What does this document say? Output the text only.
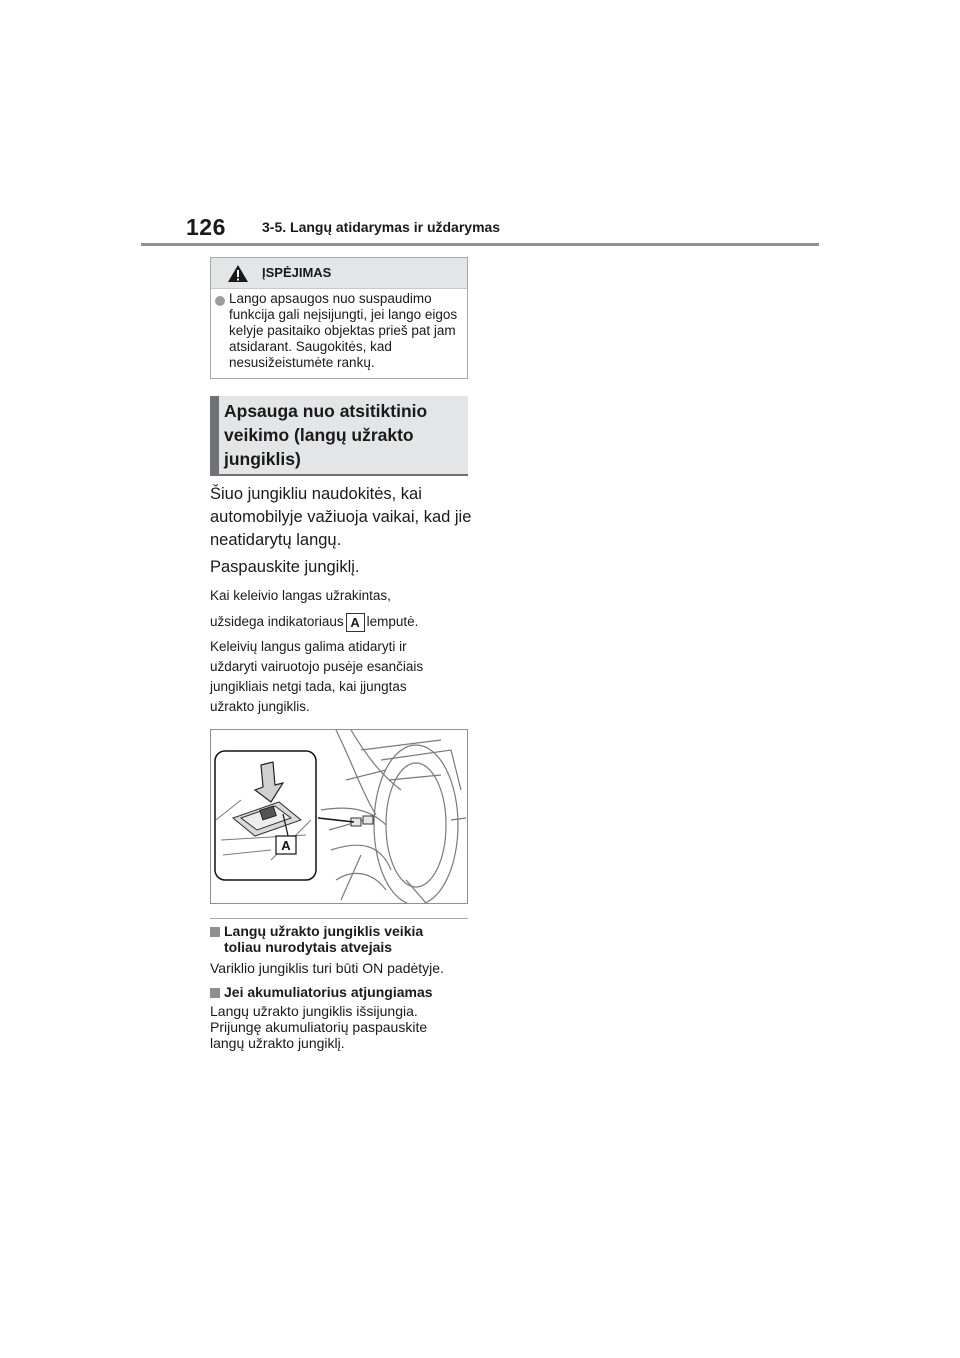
126	3-5. Langų atidarymas ir uždarymas
ĮSPĖJIMAS
Lango apsaugos nuo suspaudimo funkcija gali neįsijungti, jei lango eigos kelyje pasitaiko objektas prieš pat jam atsidarant. Saugokitės, kad nesusižeistumėte rankų.
Apsauga nuo atsitiktinio
veikimo (langų užrakto
jungiklis)
Šiuo jungikliu naudokitės, kai
automobilyje važiuoja vaikai, kad jie
neatidarytų langų.
Paspauskite jungiklį.
Kai keleivio langas užrakintas,
užsidega indikatoriaus A lemputė.
Keleivių langus galima atidaryti ir
uždaryti vairuotojo pusėje esančiais
jungikliais netgi tada, kai įjungtas
užrakto jungiklis.
A
Langų užrakto jungiklis veikia
toliau nurodytais atvejais
Variklio jungiklis turi būti ON padėtyje.
Jei akumuliatorius atjungiamas
Langų užrakto jungiklis išsijungia.
Prijungę akumuliatorių paspauskite
langų užrakto jungiklį.
